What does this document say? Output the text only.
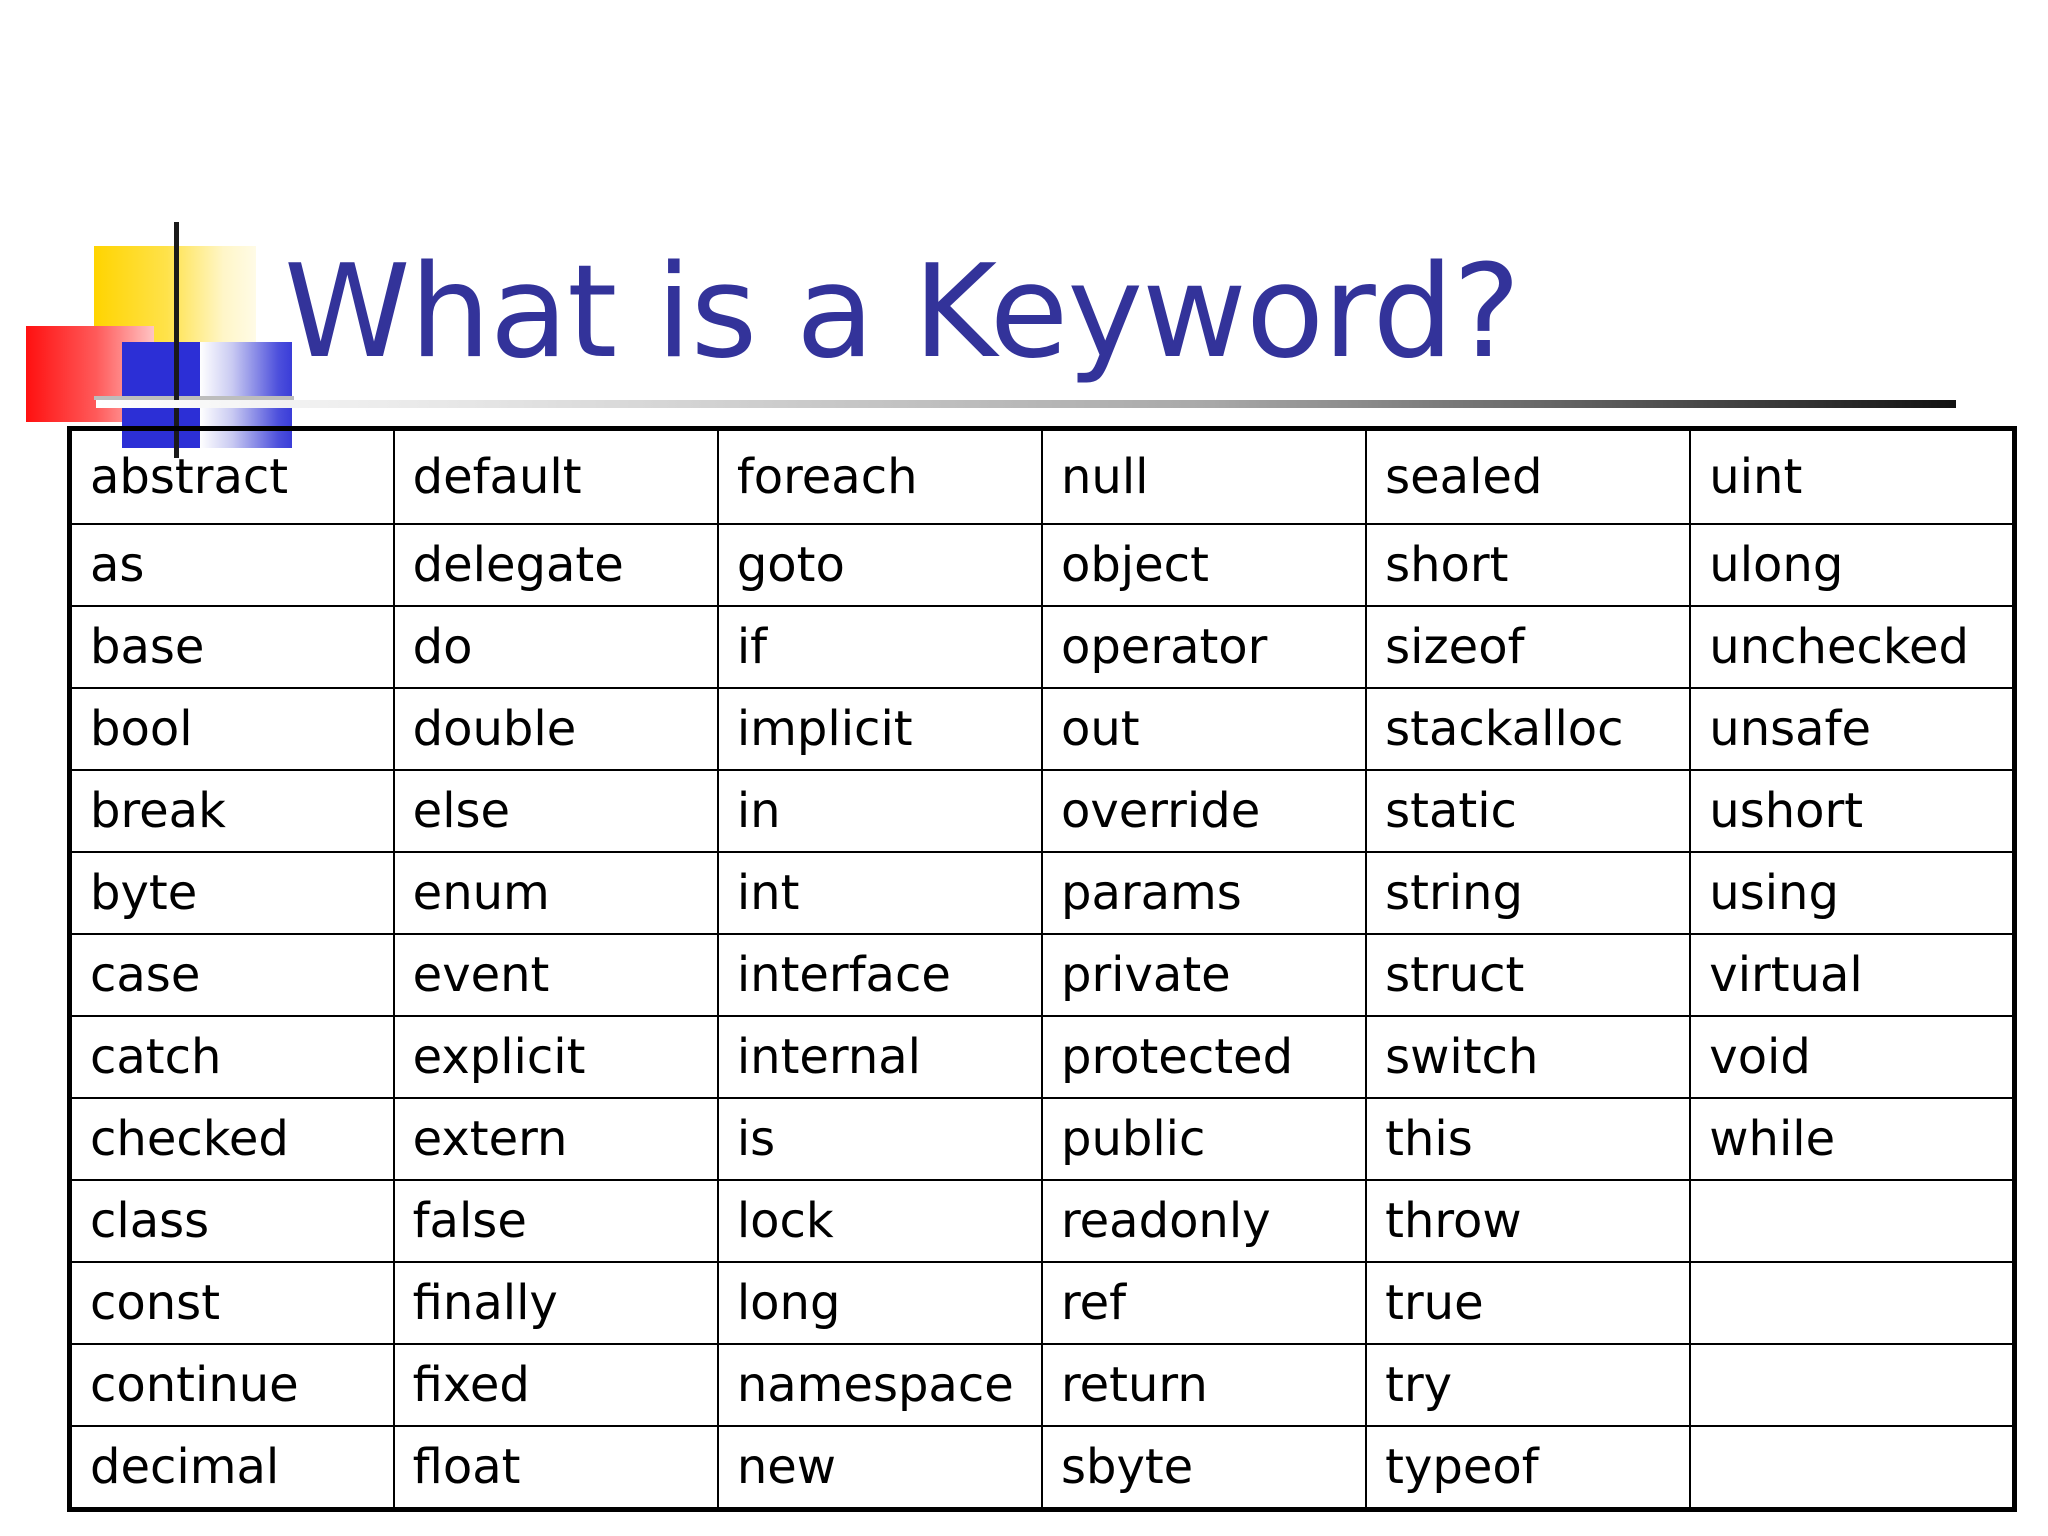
What is a Keyword?
abstract	default	foreach	null	sealed	uint
as	delegate	goto	object	short	ulong
base	do	if	operator	sizeof	unchecked
bool	double	implicit	out	stackalloc	unsafe
break	else	in	override	static	ushort
byte	enum	int	params	string	using
case	event	interface	private	struct	virtual
catch	explicit	internal	protected	switch	void
checked	extern	is	public	this	while
class	false	lock	readonly	throw	
const	finally	long	ref	true	
continue	fixed	namespace	return	try	
decimal	float	new	sbyte	typeof	
